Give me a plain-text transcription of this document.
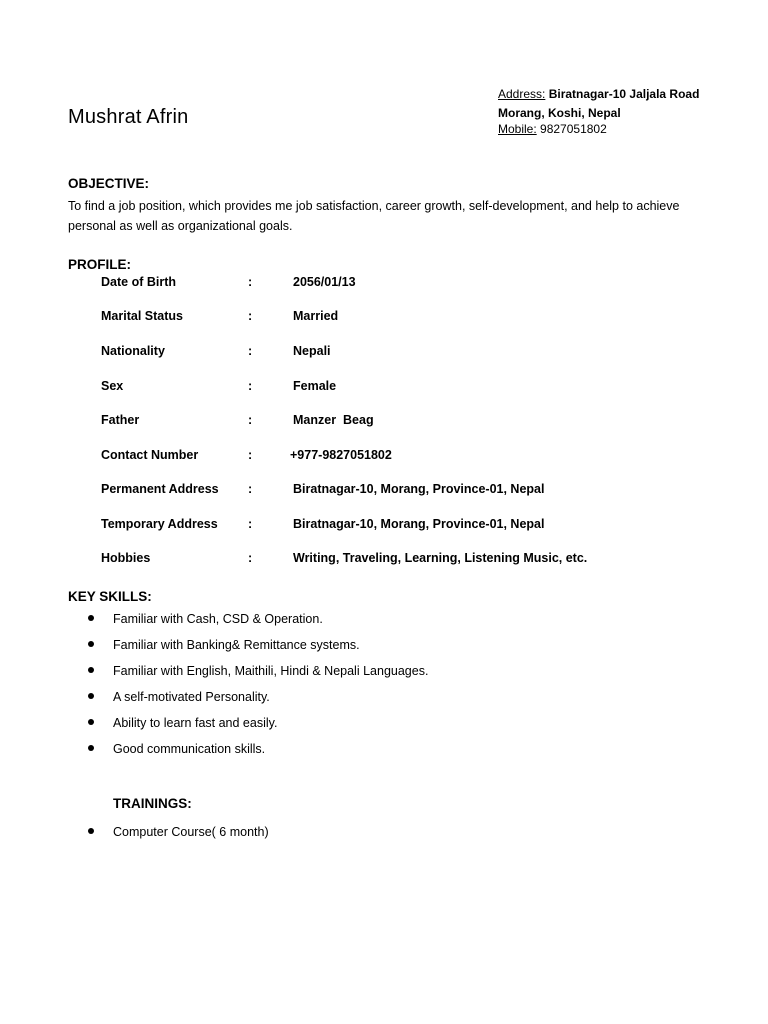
Mushrat Afrin
Address: Biratnagar-10 Jaljala Road
Morang, Koshi, Nepal
Mobile: 9827051802
OBJECTIVE:

To find a job position, which provides me job satisfaction, career growth, self-development, and help to achieve personal as well as organizational goals.

PROFILE:
Date of Birth	:	2056/01/13
Marital Status	:	Married
Nationality	:	Nepali
Sex	:	Female
Father	:	Manzer  Beag
Contact Number	:	+977-9827051802
Permanent Address :	Biratnagar-10, Morang, Province-01, Nepal
Temporary Address :	Biratnagar-10, Morang, Province-01, Nepal
Hobbies	:	Writing, Traveling, Learning, Listening Music, etc.
KEY SKILLS:
Familiar with Cash, CSD & Operation.
Familiar with Banking& Remittance systems.
Familiar with English, Maithili, Hindi & Nepali Languages.
A self-motivated Personality.
Ability to learn fast and easily.
Good communication skills.
TRAININGS:
Computer Course( 6 month)
